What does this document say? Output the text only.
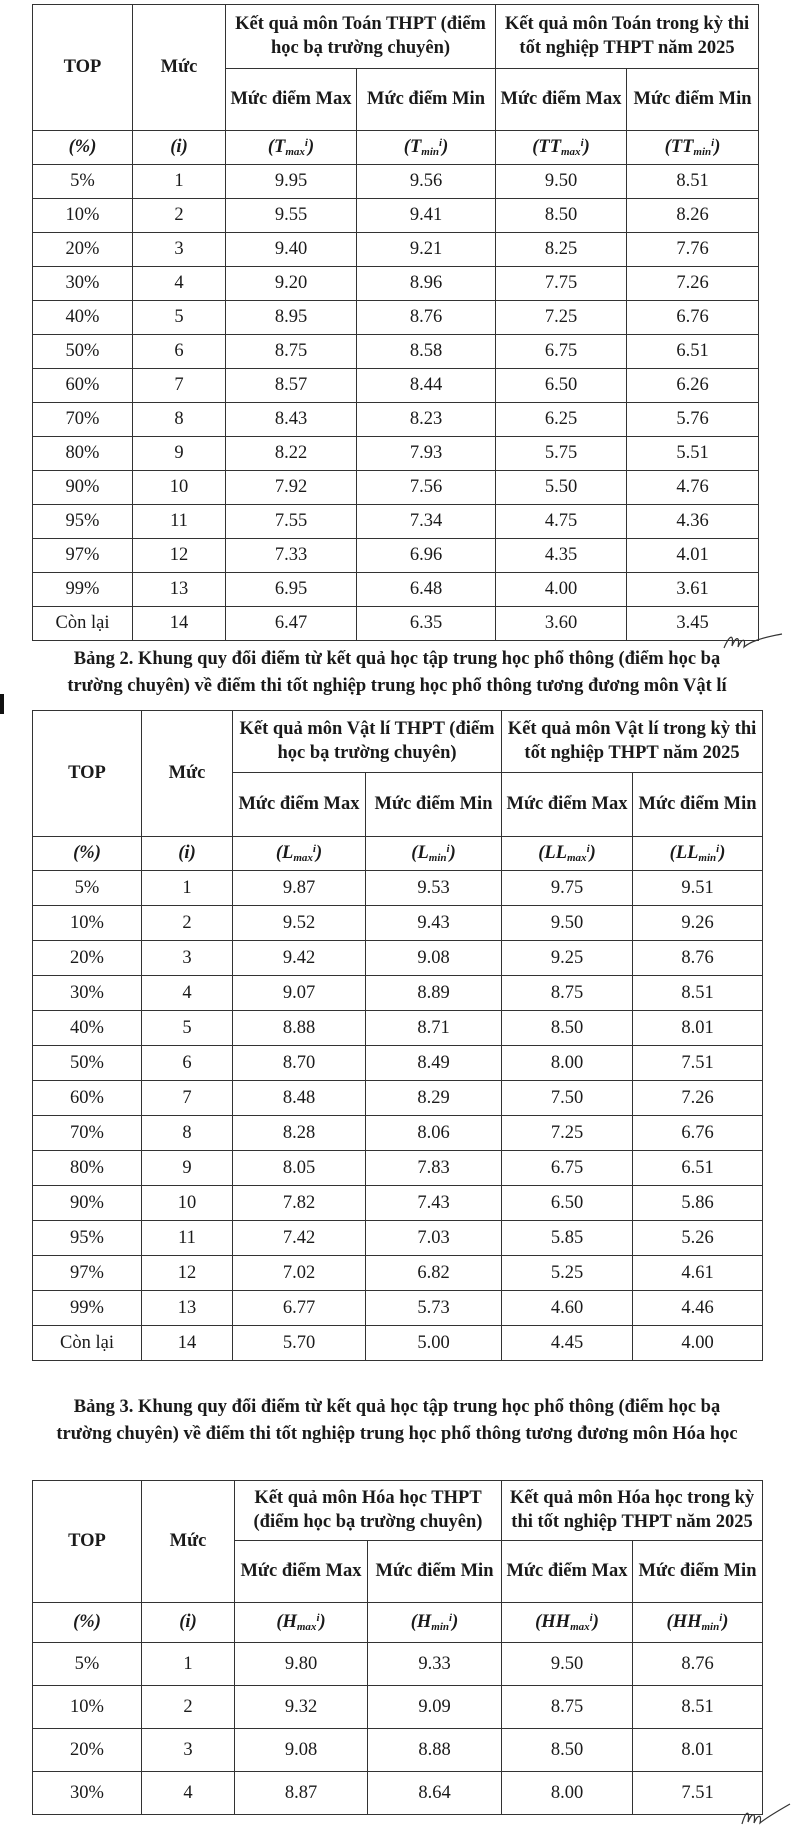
TOP	Mức	Kết quả môn Toán THPT (điểm học bạ trường chuyên)		Kết quả môn Toán trong kỳ thi tốt nghiệp THPT năm 2025	
		Mức điểm Max	Mức điểm Min	Mức điểm Max	Mức điểm Min
(%)	(i)	$(T_{max}^i)$	$(T_{min}^i)$	$(TT_{max}^i)$	$(TT_{min}^i)$
5%	1	9.95	9.56	9.50	8.51
10%	2	9.55	9.41	8.50	8.26
20%	3	9.40	9.21	8.25	7.76
30%	4	9.20	8.96	7.75	7.26
40%	5	8.95	8.76	7.25	6.76
50%	6	8.75	8.58	6.75	6.51
60%	7	8.57	8.44	6.50	6.26
70%	8	8.43	8.23	6.25	5.76
80%	9	8.22	7.93	5.75	5.51
90%	10	7.92	7.56	5.50	4.76
95%	11	7.55	7.34	4.75	4.36
97%	12	7.33	6.96	4.35	4.01
99%	13	6.95	6.48	4.00	3.61
Còn lại	14	6.47	6.35	3.60	3.45
Bảng 2. Khung quy đổi điểm từ kết quả học tập trung học phổ thông (điểm học bạ trường chuyên) về điểm thi tốt nghiệp trung học phổ thông tương đương môn Vật lí
TOP	Mức	Kết quả môn Vật lí THPT (điểm học bạ trường chuyên)		Kết quả môn Vật lí trong kỳ thi tốt nghiệp THPT năm 2025	
		Mức điểm Max	Mức điểm Min	Mức điểm Max	Mức điểm Min
(%)	(i)	$(L_{max}^i)$	$(L_{min}^i)$	$(LL_{max}^i)$	$(LL_{min}^i)$
5%	1	9.87	9.53	9.75	9.51
10%	2	9.52	9.43	9.50	9.26
20%	3	9.42	9.08	9.25	8.76
30%	4	9.07	8.89	8.75	8.51
40%	5	8.88	8.71	8.50	8.01
50%	6	8.70	8.49	8.00	7.51
60%	7	8.48	8.29	7.50	7.26
70%	8	8.28	8.06	7.25	6.76
80%	9	8.05	7.83	6.75	6.51
90%	10	7.82	7.43	6.50	5.86
95%	11	7.42	7.03	5.85	5.26
97%	12	7.02	6.82	5.25	4.61
99%	13	6.77	5.73	4.60	4.46
Còn lại	14	5.70	5.00	4.45	4.00
Bảng 3. Khung quy đổi điểm từ kết quả học tập trung học phổ thông (điểm học bạ trường chuyên) về điểm thi tốt nghiệp trung học phổ thông tương đương môn Hóa học
TOP	Mức	Kết quả môn Hóa học THPT (điểm học bạ trường chuyên)		Kết quả môn Hóa học trong kỳ thi tốt nghiệp THPT năm 2025	
		Mức điểm Max	Mức điểm Min	Mức điểm Max	Mức điểm Min
(%)	(i)	$(H_{max}^i)$	$(H_{min}^i)$	$(HH_{max}^i)$	$(HH_{min}^i)$
5%	1	9.80	9.33	9.50	8.76
10%	2	9.32	9.09	8.75	8.51
20%	3	9.08	8.88	8.50	8.01
30%	4	8.87	8.64	8.00	7.51
